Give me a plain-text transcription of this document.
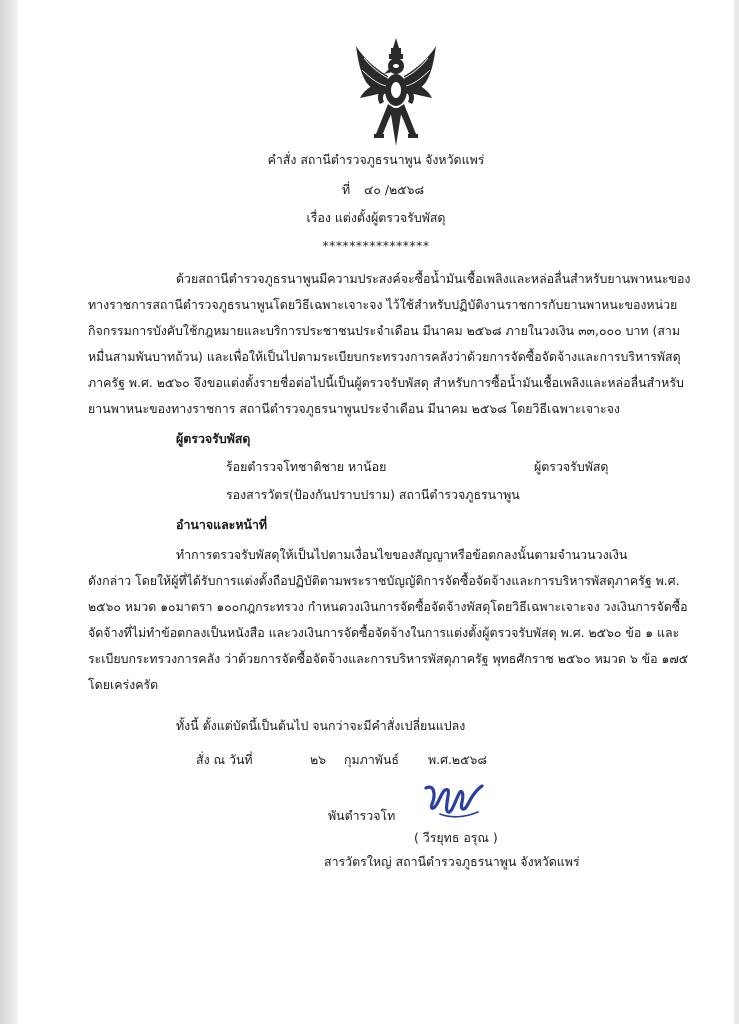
คำสั่ง สถานีตำรวจภูธรนาพูน จังหวัดแพร่
ที่ ๔๐ /๒๕๖๘
เรื่อง แต่งตั้งผู้ตรวจรับพัสดุ
****************
ด้วยสถานีตำรวจภูธรนาพูนมีความประสงค์จะซื้อน้ำมันเชื้อเพลิงและหล่อลื่นสำหรับยานพาหนะของ
ทางราชการสถานีตำรวจภูธรนาพูนโดยวิธีเฉพาะเจาะจง ไว้ใช้สำหรับปฏิบัติงานราชการกับยานพาหนะของหน่วย
กิจกรรมการบังคับใช้กฎหมายและบริการประชาชนประจำเดือน มีนาคม ๒๕๖๘ ภายในวงเงิน ๓๓,๐๐๐ บาท (สาม
หมื่นสามพันบาทถ้วน) และเพื่อให้เป็นไปตามระเบียบกระทรวงการคลังว่าด้วยการจัดซื้อจัดจ้างและการบริหารพัสดุ
ภาครัฐ พ.ศ. ๒๕๖๐ จึงขอแต่งตั้งรายชื่อต่อไปนี้เป็นผู้ตรวจรับพัสดุ สำหรับการซื้อน้ำมันเชื้อเพลิงและหล่อลื่นสำหรับ
ยานพาหนะของทางราชการ สถานีตำรวจภูธรนาพูนประจำเดือน มีนาคม ๒๕๖๘ โดยวิธีเฉพาะเจาะจง
ผู้ตรวจรับพัสดุ
ร้อยตำรวจโทชาติชาย หาน้อย	ผู้ตรวจรับพัสดุ
รองสารวัตร(ป้องกันปราบปราม) สถานีตำรวจภูธรนาพูน
อำนาจและหน้าที่
ทำการตรวจรับพัสดุให้เป็นไปตามเงื่อนไขของสัญญาหรือข้อตกลงนั้นตามจำนวนวงเงิน
ดังกล่าว โดยให้ผู้ที่ได้รับการแต่งตั้งถือปฏิบัติตามพระราชบัญญัติการจัดซื้อจัดจ้างและการบริหารพัสดุภาครัฐ พ.ศ.
๒๕๖๐ หมวด ๑๐มาตรา ๑๐๐กฎกระทรวง กำหนดวงเงินการจัดซื้อจัดจ้างพัสดุโดยวิธีเฉพาะเจาะจง วงเงินการจัดซื้อ
จัดจ้างที่ไม่ทำข้อตกลงเป็นหนังสือ และวงเงินการจัดซื้อจัดจ้างในการแต่งตั้งผู้ตรวจรับพัสดุ พ.ศ. ๒๕๖๐ ข้อ ๑ และ
ระเบียบกระทรวงการคลัง ว่าด้วยการจัดซื้อจัดจ้างและการบริหารพัสดุภาครัฐ พุทธศักราช ๒๕๖๐ หมวด ๖ ข้อ ๑๗๕
โดยเคร่งครัด
ทั้งนี้ ตั้งแต่บัดนี้เป็นต้นไป จนกว่าจะมีคำสั่งเปลี่ยนแปลง
สั่ง ณ วันที่	๒๖ กุมภาพันธ์ พ.ศ.๒๕๖๘
พันตำรวจโท
( วีรยุทธ อรุณ )
สารวัตรใหญ่ สถานีตำรวจภูธรนาพูน จังหวัดแพร่
